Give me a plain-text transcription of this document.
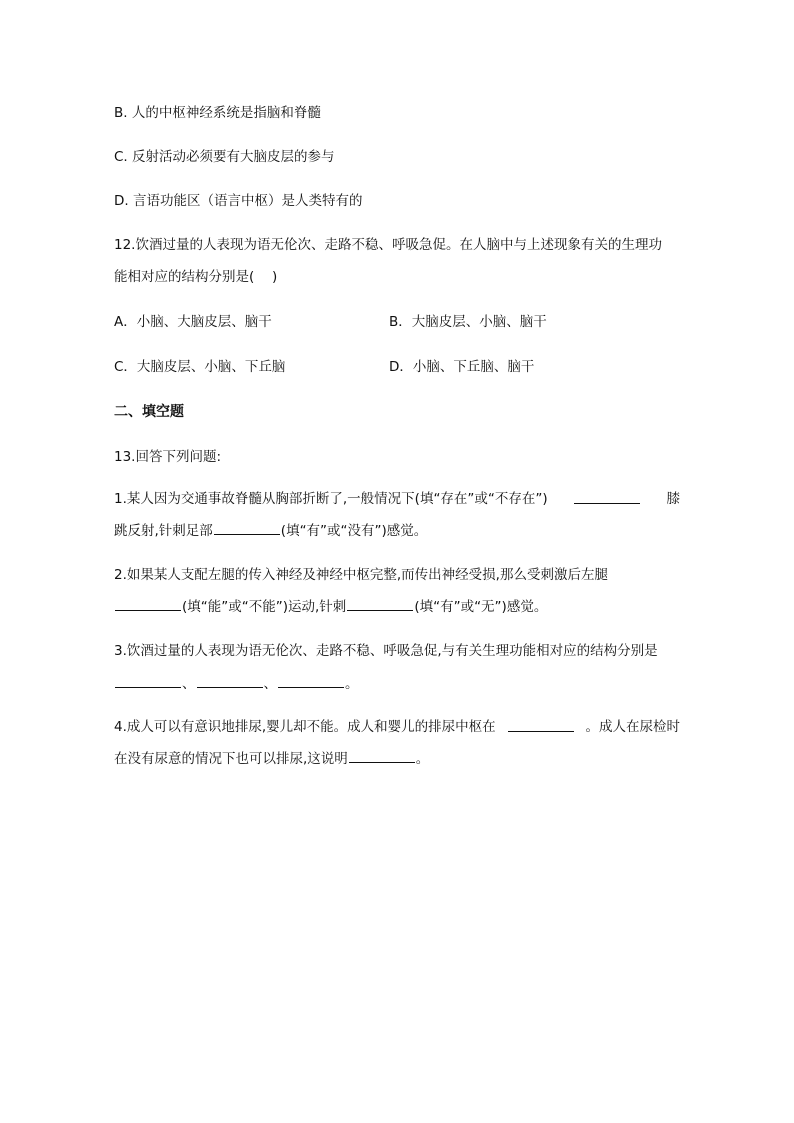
B. 人的中枢神经系统是指脑和脊髓
C. 反射活动必须要有大脑皮层的参与
D. 言语功能区（语言中枢）是人类特有的
12.饮酒过量的人表现为语无伦次、走路不稳、呼吸急促。在人脑中与上述现象有关的生理功
能相对应的结构分别是(　 )
A．小脑、大脑皮层、脑干	B．大脑皮层、小脑、脑干
C．大脑皮层、小脑、下丘脑	D．小脑、下丘脑、脑干
二、填空题
13.回答下列问题:
1.某人因为交通事故脊髓从胸部折断了,一般情况下(填“存在”或“不存在”)	膝
跳反射,针刺足部	(填“有”或“没有”)感觉。
2.如果某人支配左腿的传入神经及神经中枢完整,而传出神经受损,那么受刺激后左腿
(填“能”或“不能”)运动,针刺	(填“有”或“无”)感觉。
3.饮酒过量的人表现为语无伦次、走路不稳、呼吸急促,与有关生理功能相对应的结构分别是
、	、	。
4.成人可以有意识地排尿,婴儿却不能。成人和婴儿的排尿中枢在	。成人在尿检时
在没有尿意的情况下也可以排尿,这说明	。
